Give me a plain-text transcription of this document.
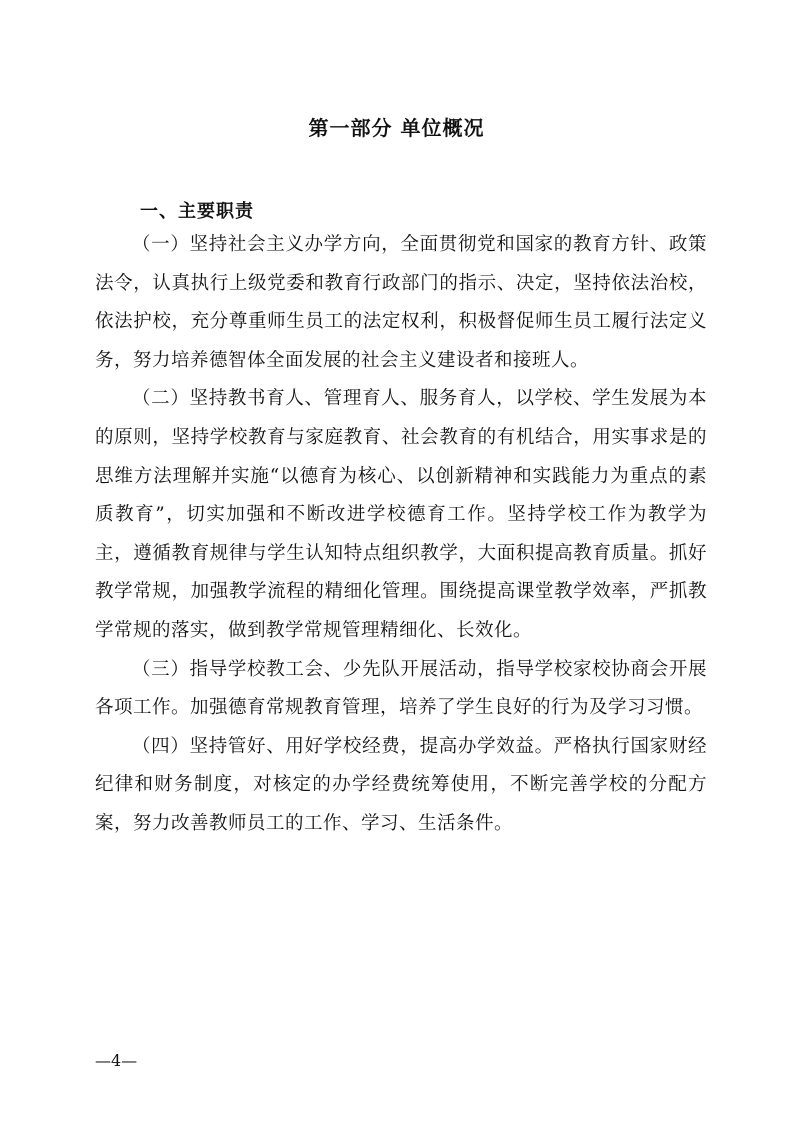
第一部分 单位概况
一、主要职责

（一）坚持社会主义办学方向，全面贯彻党和国家的教育方针、政策法令，认真执行上级党委和教育行政部门的指示、决定，坚持依法治校，依法护校，充分尊重师生员工的法定权利，积极督促师生员工履行法定义务，努力培养德智体全面发展的社会主义建设者和接班人。

（二）坚持教书育人、管理育人、服务育人，以学校、学生发展为本的原则，坚持学校教育与家庭教育、社会教育的有机结合，用实事求是的思维方法理解并实施“以德育为核心、以创新精神和实践能力为重点的素质教育”，切实加强和不断改进学校德育工作。坚持学校工作为教学为主，遵循教育规律与学生认知特点组织教学，大面积提高教育质量。抓好教学常规，加强教学流程的精细化管理。围绕提高课堂教学效率，严抓教学常规的落实，做到教学常规管理精细化、长效化。

（三）指导学校教工会、少先队开展活动，指导学校家校协商会开展各项工作。加强德育常规教育管理，培养了学生良好的行为及学习习惯。

（四）坚持管好、用好学校经费，提高办学效益。严格执行国家财经纪律和财务制度，对核定的办学经费统筹使用，不断完善学校的分配方案，努力改善教师员工的工作、学习、生活条件。

—4—
